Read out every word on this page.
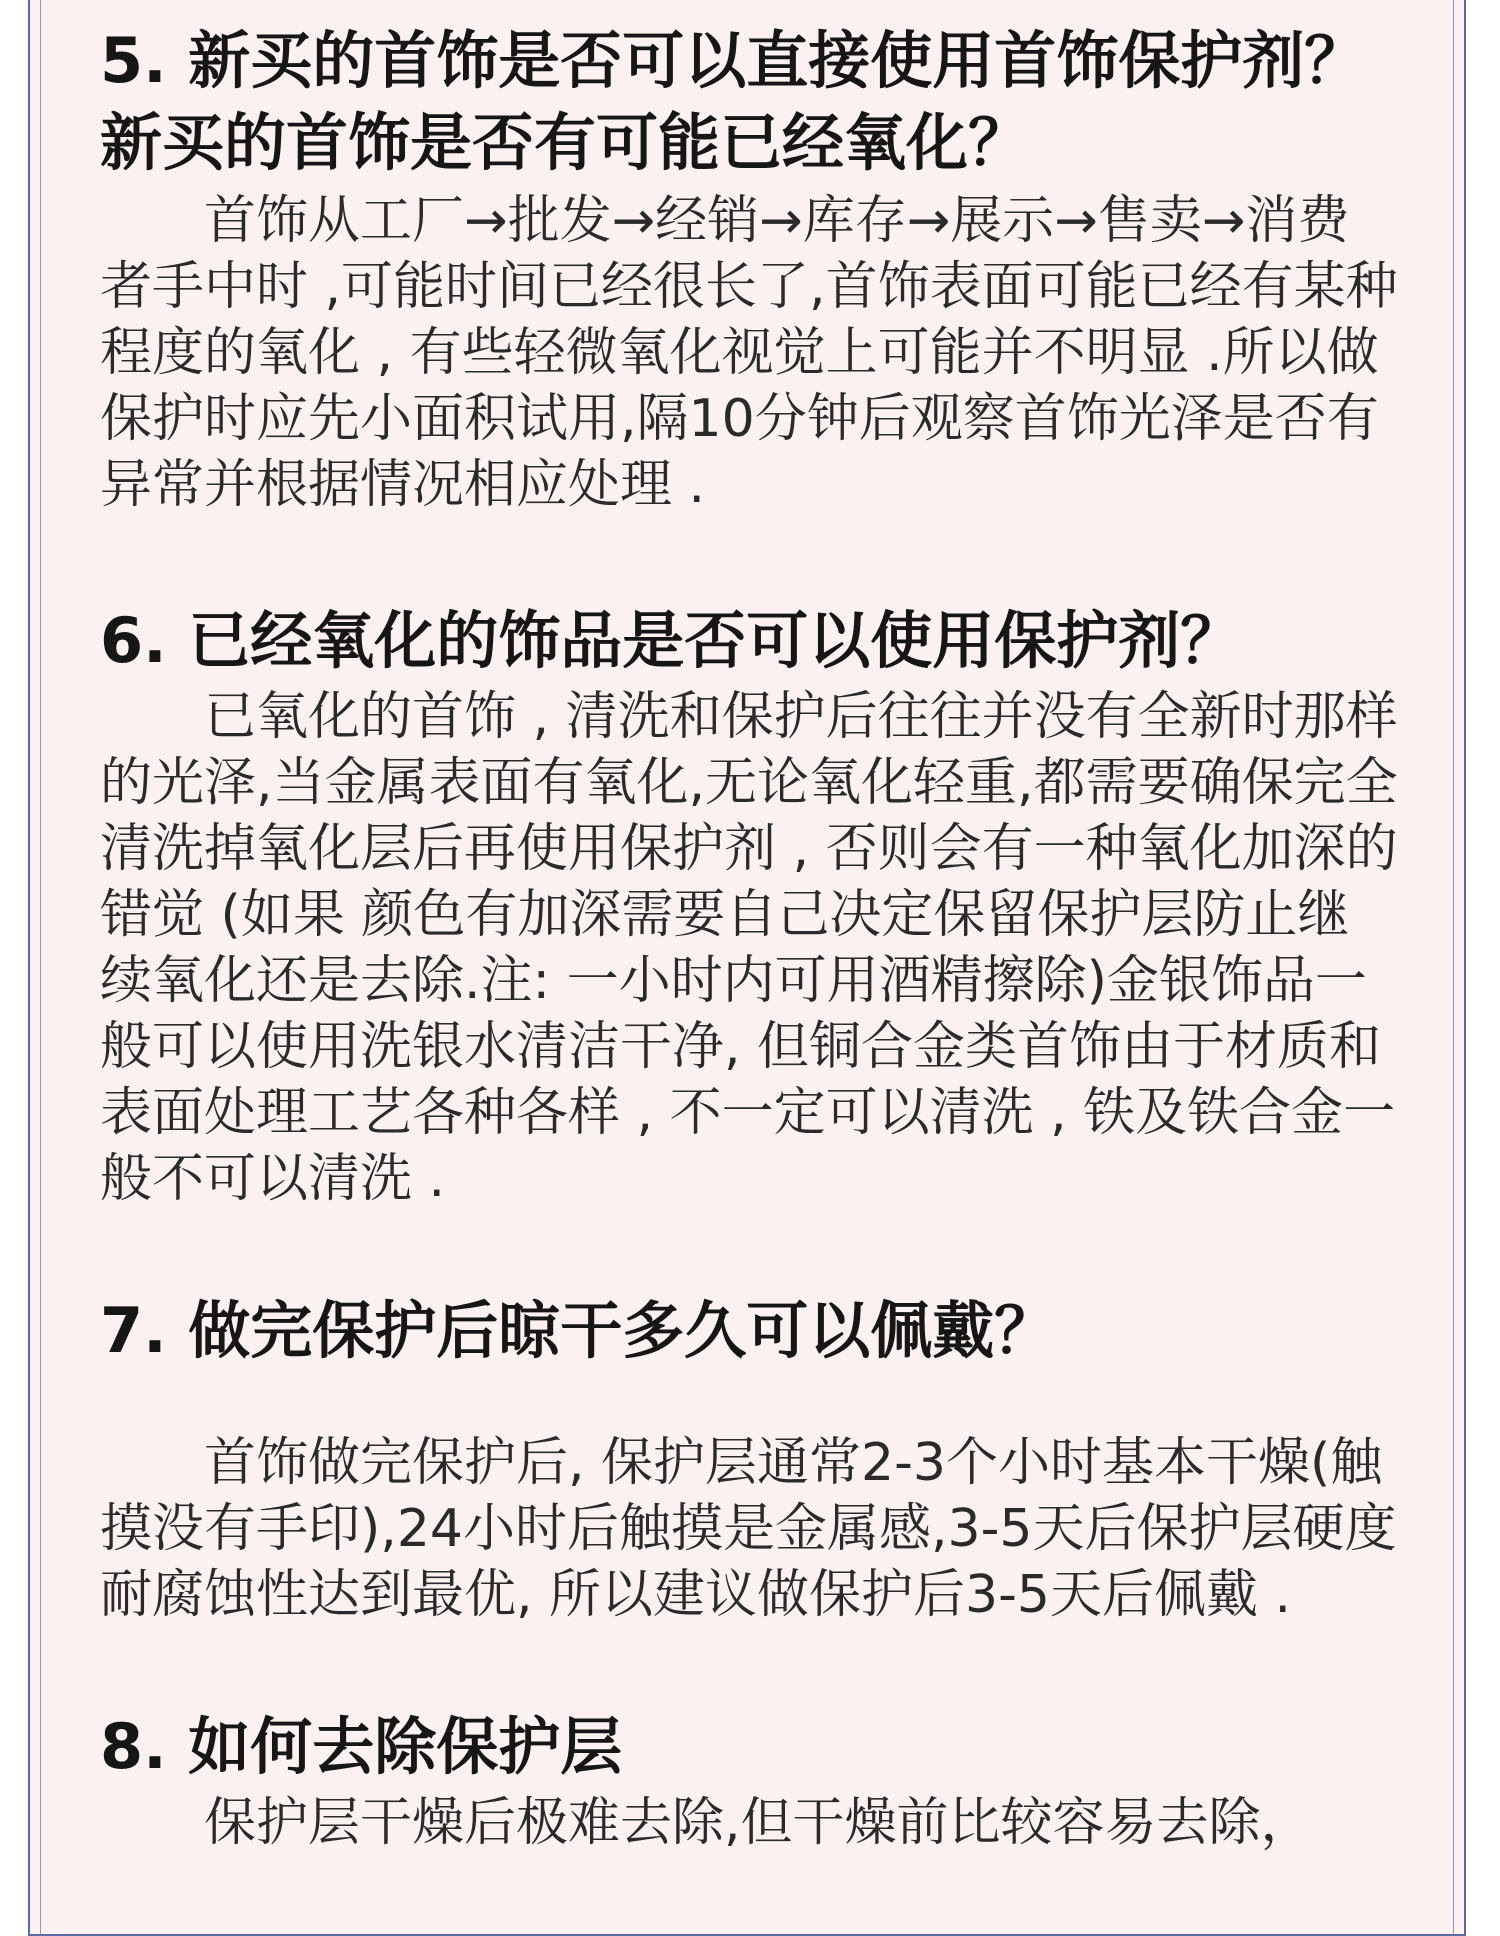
5. 新买的首饰是否可以直接使用首饰保护剂？
新买的首饰是否有可能已经氧化？

首饰从工厂→批发→经销→库存→展示→售卖→消费者手中时 ,可能时间已经很长了,首饰表面可能已经有某种程度的氧化 , 有些轻微氧化视觉上可能并不明显 .所以做保护时应先小面积试用,隔10分钟后观察首饰光泽是否有异常并根据情况相应处理 .

6. 已经氧化的饰品是否可以使用保护剂？

已氧化的首饰 , 清洗和保护后往往并没有全新时那样的光泽,当金属表面有氧化,无论氧化轻重,都需要确保完全清洗掉氧化层后再使用保护剂 , 否则会有一种氧化加深的错觉 (如果 颜色有加深需要自己决定保留保护层防止继续氧化还是去除.注: 一小时内可用酒精擦除)金银饰品一般可以使用洗银水清洁干净, 但铜合金类首饰由于材质和表面处理工艺各种各样 , 不一定可以清洗 , 铁及铁合金一般不可以清洗 .

7. 做完保护后晾干多久可以佩戴？

首饰做完保护后, 保护层通常2-3个小时基本干燥(触摸没有手印),24小时后触摸是金属感,3-5天后保护层硬度耐腐蚀性达到最优, 所以建议做保护后3-5天后佩戴 .

8. 如何去除保护层

保护层干燥后极难去除,但干燥前比较容易去除，
